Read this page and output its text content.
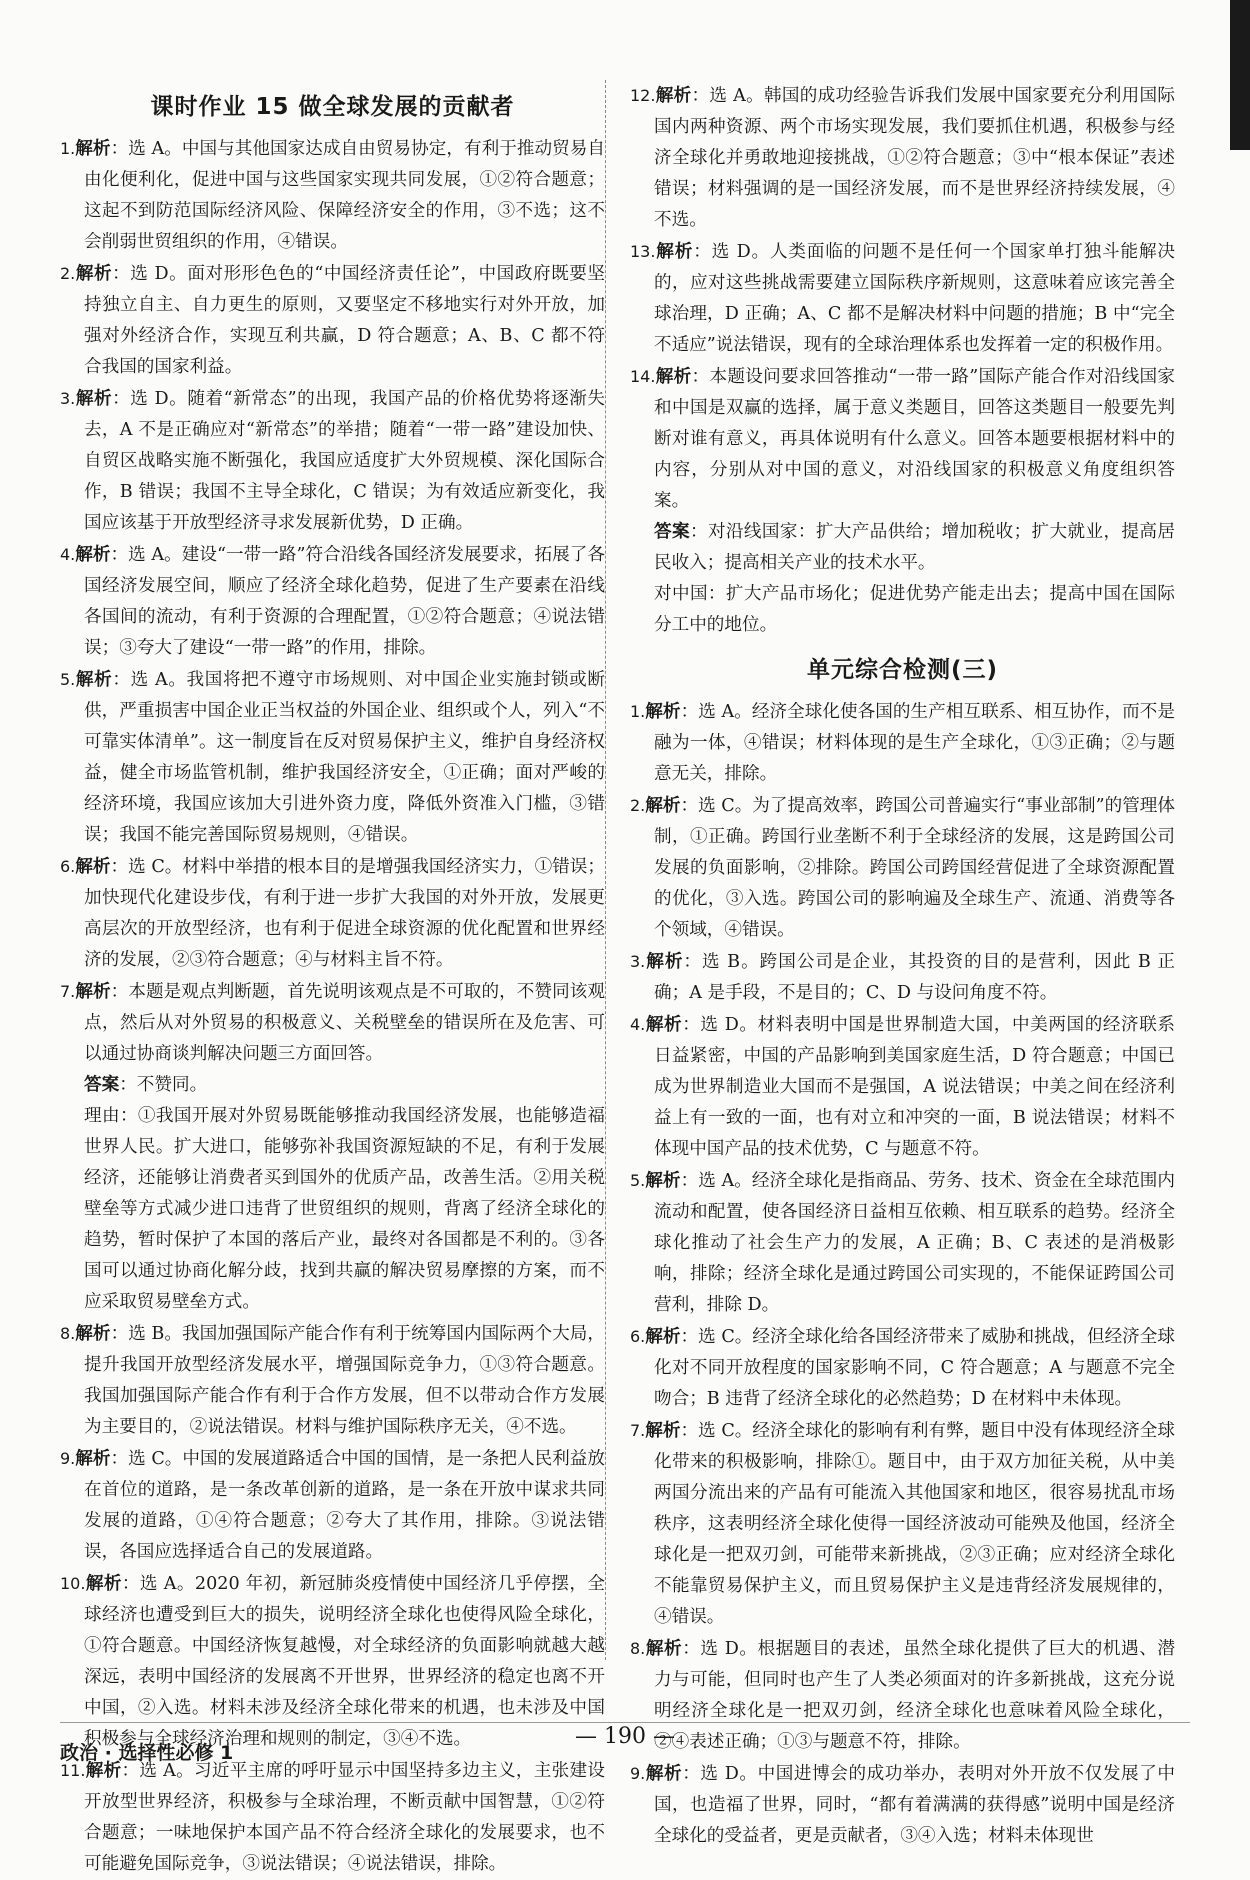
课时作业 15 做全球发展的贡献者

1.解析：选 A。中国与其他国家达成自由贸易协定，有利于推动贸易自由化便利化，促进中国与这些国家实现共同发展，①②符合题意；这起不到防范国际经济风险、保障经济安全的作用，③不选；这不会削弱世贸组织的作用，④错误。

2.解析：选 D。面对形形色色的“中国经济责任论”，中国政府既要坚持独立自主、自力更生的原则，又要坚定不移地实行对外开放，加强对外经济合作，实现互利共赢，D 符合题意；A、B、C 都不符合我国的国家利益。

3.解析：选 D。随着“新常态”的出现，我国产品的价格优势将逐渐失去，A 不是正确应对“新常态”的举措；随着“一带一路”建设加快、自贸区战略实施不断强化，我国应适度扩大外贸规模、深化国际合作，B 错误；我国不主导全球化，C 错误；为有效适应新变化，我国应该基于开放型经济寻求发展新优势，D 正确。

4.解析：选 A。建设“一带一路”符合沿线各国经济发展要求，拓展了各国经济发展空间，顺应了经济全球化趋势，促进了生产要素在沿线各国间的流动，有利于资源的合理配置，①②符合题意；④说法错误；③夸大了建设“一带一路”的作用，排除。

5.解析：选 A。我国将把不遵守市场规则、对中国企业实施封锁或断供，严重损害中国企业正当权益的外国企业、组织或个人，列入“不可靠实体清单”。这一制度旨在反对贸易保护主义，维护自身经济权益，健全市场监管机制，维护我国经济安全，①正确；面对严峻的经济环境，我国应该加大引进外资力度，降低外资准入门槛，③错误；我国不能完善国际贸易规则，④错误。

6.解析：选 C。材料中举措的根本目的是增强我国经济实力，①错误；加快现代化建设步伐，有利于进一步扩大我国的对外开放，发展更高层次的开放型经济，也有利于促进全球资源的优化配置和世界经济的发展，②③符合题意；④与材料主旨不符。

7.解析：本题是观点判断题，首先说明该观点是不可取的，不赞同该观点，然后从对外贸易的积极意义、关税壁垒的错误所在及危害、可以通过协商谈判解决问题三方面回答。

答案：不赞同。

理由：①我国开展对外贸易既能够推动我国经济发展，也能够造福世界人民。扩大进口，能够弥补我国资源短缺的不足，有利于发展经济，还能够让消费者买到国外的优质产品，改善生活。②用关税壁垒等方式减少进口违背了世贸组织的规则，背离了经济全球化的趋势，暂时保护了本国的落后产业，最终对各国都是不利的。③各国可以通过协商化解分歧，找到共赢的解决贸易摩擦的方案，而不应采取贸易壁垒方式。

8.解析：选 B。我国加强国际产能合作有利于统筹国内国际两个大局，提升我国开放型经济发展水平，增强国际竞争力，①③符合题意。我国加强国际产能合作有利于合作方发展，但不以带动合作方发展为主要目的，②说法错误。材料与维护国际秩序无关，④不选。

9.解析：选 C。中国的发展道路适合中国的国情，是一条把人民利益放在首位的道路，是一条改革创新的道路，是一条在开放中谋求共同发展的道路，①④符合题意；②夸大了其作用，排除。③说法错误，各国应选择适合自己的发展道路。

10.解析：选 A。2020 年初，新冠肺炎疫情使中国经济几乎停摆，全球经济也遭受到巨大的损失，说明经济全球化也使得风险全球化，①符合题意。中国经济恢复越慢，对全球经济的负面影响就越大越深远，表明中国经济的发展离不开世界，世界经济的稳定也离不开中国，②入选。材料未涉及经济全球化带来的机遇，也未涉及中国积极参与全球经济治理和规则的制定，③④不选。

11.解析：选 A。习近平主席的呼吁显示中国坚持多边主义，主张建设开放型世界经济，积极参与全球治理，不断贡献中国智慧，①②符合题意；一味地保护本国产品不符合经济全球化的发展要求，也不可能避免国际竞争，③说法错误；④说法错误，排除。

12.解析：选 A。韩国的成功经验告诉我们发展中国家要充分利用国际国内两种资源、两个市场实现发展，我们要抓住机遇，积极参与经济全球化并勇敢地迎接挑战，①②符合题意；③中“根本保证”表述错误；材料强调的是一国经济发展，而不是世界经济持续发展，④不选。

13.解析：选 D。人类面临的问题不是任何一个国家单打独斗能解决的，应对这些挑战需要建立国际秩序新规则，这意味着应该完善全球治理，D 正确；A、C 都不是解决材料中问题的措施；B 中“完全不适应”说法错误，现有的全球治理体系也发挥着一定的积极作用。

14.解析：本题设问要求回答推动“一带一路”国际产能合作对沿线国家和中国是双赢的选择，属于意义类题目，回答这类题目一般要先判断对谁有意义，再具体说明有什么意义。回答本题要根据材料中的内容，分别从对中国的意义，对沿线国家的积极意义角度组织答案。

答案：对沿线国家：扩大产品供给；增加税收；扩大就业，提高居民收入；提高相关产业的技术水平。

对中国：扩大产品市场化；促进优势产能走出去；提高中国在国际分工中的地位。

单元综合检测(三)

1.解析：选 A。经济全球化使各国的生产相互联系、相互协作，而不是融为一体，④错误；材料体现的是生产全球化，①③正确；②与题意无关，排除。

2.解析：选 C。为了提高效率，跨国公司普遍实行“事业部制”的管理体制，①正确。跨国行业垄断不利于全球经济的发展，这是跨国公司发展的负面影响，②排除。跨国公司跨国经营促进了全球资源配置的优化，③入选。跨国公司的影响遍及全球生产、流通、消费等各个领域，④错误。

3.解析：选 B。跨国公司是企业，其投资的目的是营利，因此 B 正确；A 是手段，不是目的；C、D 与设问角度不符。

4.解析：选 D。材料表明中国是世界制造大国，中美两国的经济联系日益紧密，中国的产品影响到美国家庭生活，D 符合题意；中国已成为世界制造业大国而不是强国，A 说法错误；中美之间在经济利益上有一致的一面，也有对立和冲突的一面，B 说法错误；材料不体现中国产品的技术优势，C 与题意不符。

5.解析：选 A。经济全球化是指商品、劳务、技术、资金在全球范围内流动和配置，使各国经济日益相互依赖、相互联系的趋势。经济全球化推动了社会生产力的发展，A 正确；B、C 表述的是消极影响，排除；经济全球化是通过跨国公司实现的，不能保证跨国公司营利，排除 D。

6.解析：选 C。经济全球化给各国经济带来了威胁和挑战，但经济全球化对不同开放程度的国家影响不同，C 符合题意；A 与题意不完全吻合；B 违背了经济全球化的必然趋势；D 在材料中未体现。

7.解析：选 C。经济全球化的影响有利有弊，题目中没有体现经济全球化带来的积极影响，排除①。题目中，由于双方加征关税，从中美两国分流出来的产品有可能流入其他国家和地区，很容易扰乱市场秩序，这表明经济全球化使得一国经济波动可能殃及他国，经济全球化是一把双刃剑，可能带来新挑战，②③正确；应对经济全球化不能靠贸易保护主义，而且贸易保护主义是违背经济发展规律的，④错误。

8.解析：选 D。根据题目的表述，虽然全球化提供了巨大的机遇、潜力与可能，但同时也产生了人类必须面对的许多新挑战，这充分说明经济全球化是一把双刃剑，经济全球化也意味着风险全球化，②④表述正确；①③与题意不符，排除。

9.解析：选 D。中国进博会的成功举办，表明对外开放不仅发展了中国，也造福了世界，同时，“都有着满满的获得感”说明中国是经济全球化的受益者，更是贡献者，③④入选；材料未体现世

政治 · 选择性必修 1
— 190 —
